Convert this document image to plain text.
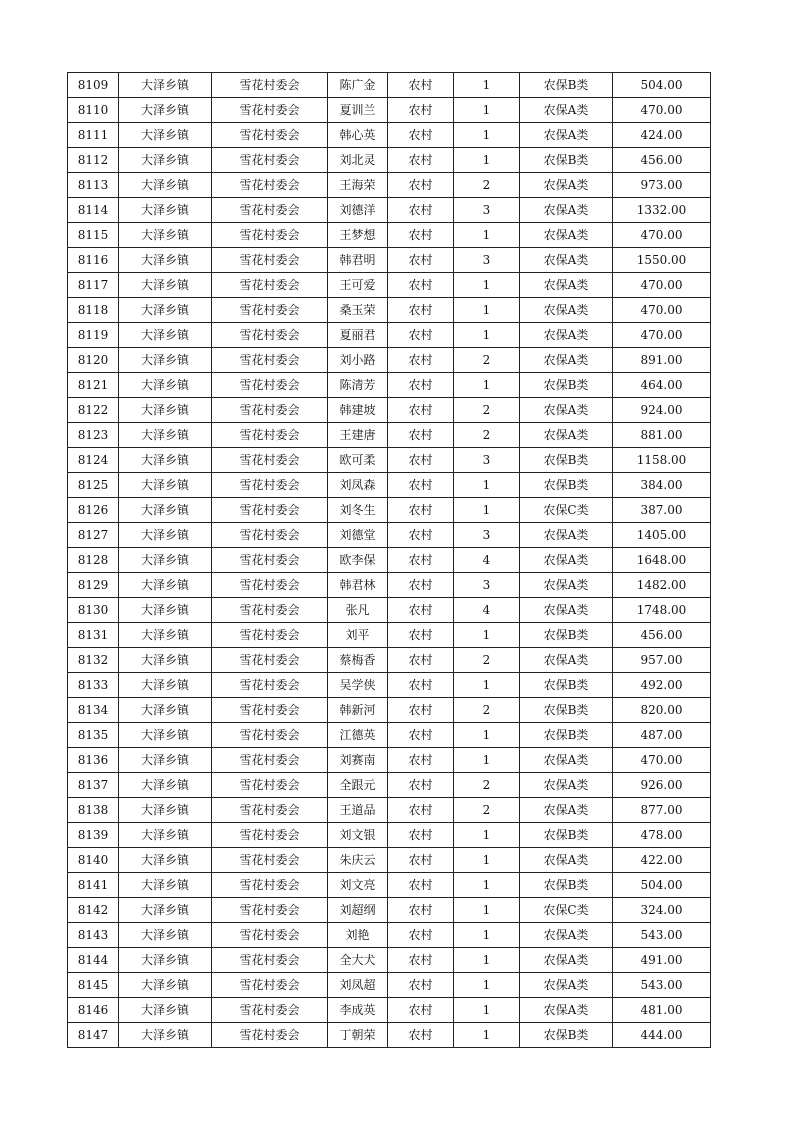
8109	大泽乡镇	雪花村委会	陈广金	农村	1	农保B类	504.00
8110	大泽乡镇	雪花村委会	夏训兰	农村	1	农保A类	470.00
8111	大泽乡镇	雪花村委会	韩心英	农村	1	农保A类	424.00
8112	大泽乡镇	雪花村委会	刘北灵	农村	1	农保B类	456.00
8113	大泽乡镇	雪花村委会	王海荣	农村	2	农保A类	973.00
8114	大泽乡镇	雪花村委会	刘德洋	农村	3	农保A类	1332.00
8115	大泽乡镇	雪花村委会	王梦想	农村	1	农保A类	470.00
8116	大泽乡镇	雪花村委会	韩君明	农村	3	农保A类	1550.00
8117	大泽乡镇	雪花村委会	王可爱	农村	1	农保A类	470.00
8118	大泽乡镇	雪花村委会	桑玉荣	农村	1	农保A类	470.00
8119	大泽乡镇	雪花村委会	夏丽君	农村	1	农保A类	470.00
8120	大泽乡镇	雪花村委会	刘小路	农村	2	农保A类	891.00
8121	大泽乡镇	雪花村委会	陈清芳	农村	1	农保B类	464.00
8122	大泽乡镇	雪花村委会	韩建坡	农村	2	农保A类	924.00
8123	大泽乡镇	雪花村委会	王建唐	农村	2	农保A类	881.00
8124	大泽乡镇	雪花村委会	欧可柔	农村	3	农保B类	1158.00
8125	大泽乡镇	雪花村委会	刘凤森	农村	1	农保B类	384.00
8126	大泽乡镇	雪花村委会	刘冬生	农村	1	农保C类	387.00
8127	大泽乡镇	雪花村委会	刘德堂	农村	3	农保A类	1405.00
8128	大泽乡镇	雪花村委会	欧李保	农村	4	农保A类	1648.00
8129	大泽乡镇	雪花村委会	韩君林	农村	3	农保A类	1482.00
8130	大泽乡镇	雪花村委会	张凡	农村	4	农保A类	1748.00
8131	大泽乡镇	雪花村委会	刘平	农村	1	农保B类	456.00
8132	大泽乡镇	雪花村委会	蔡梅香	农村	2	农保A类	957.00
8133	大泽乡镇	雪花村委会	吴学侠	农村	1	农保B类	492.00
8134	大泽乡镇	雪花村委会	韩新河	农村	2	农保B类	820.00
8135	大泽乡镇	雪花村委会	江德英	农村	1	农保B类	487.00
8136	大泽乡镇	雪花村委会	刘赛南	农村	1	农保A类	470.00
8137	大泽乡镇	雪花村委会	全跟元	农村	2	农保A类	926.00
8138	大泽乡镇	雪花村委会	王道品	农村	2	农保A类	877.00
8139	大泽乡镇	雪花村委会	刘文银	农村	1	农保B类	478.00
8140	大泽乡镇	雪花村委会	朱庆云	农村	1	农保A类	422.00
8141	大泽乡镇	雪花村委会	刘文亮	农村	1	农保B类	504.00
8142	大泽乡镇	雪花村委会	刘超纲	农村	1	农保C类	324.00
8143	大泽乡镇	雪花村委会	刘艳	农村	1	农保A类	543.00
8144	大泽乡镇	雪花村委会	全大犬	农村	1	农保A类	491.00
8145	大泽乡镇	雪花村委会	刘凤超	农村	1	农保A类	543.00
8146	大泽乡镇	雪花村委会	李成英	农村	1	农保A类	481.00
8147	大泽乡镇	雪花村委会	丁朝荣	农村	1	农保B类	444.00
